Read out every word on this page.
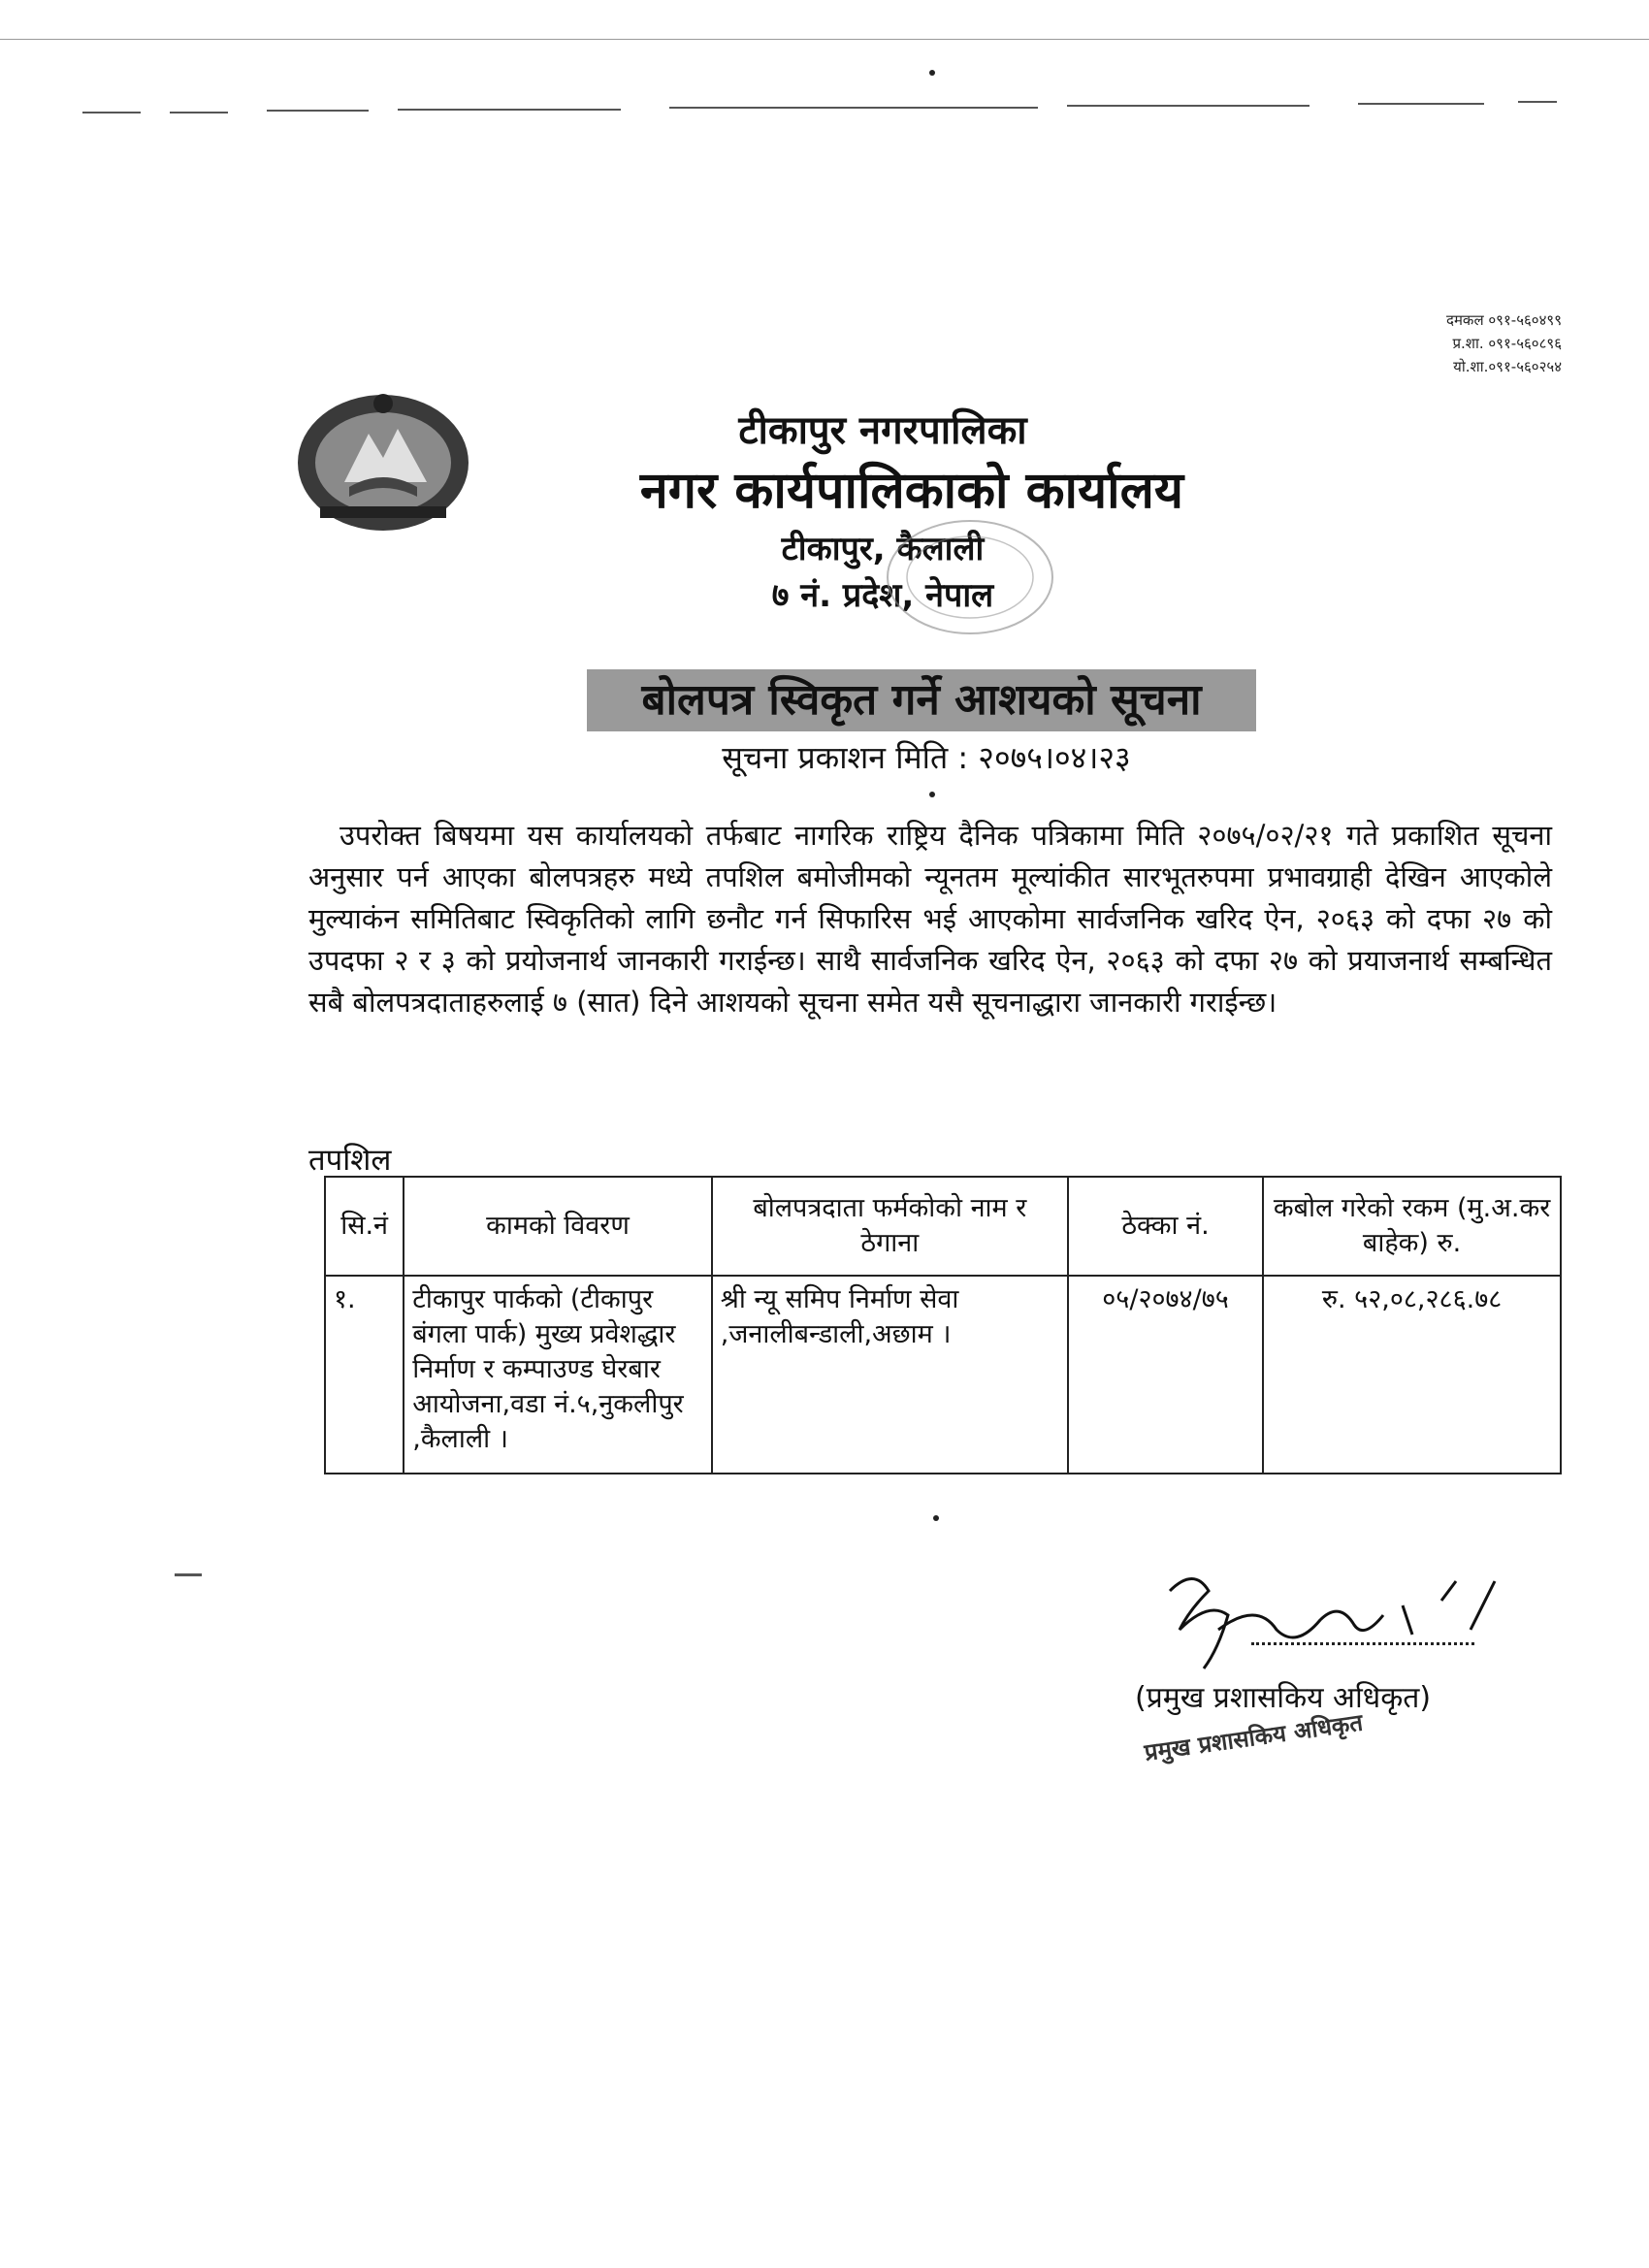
दमकल ०९१-५६०४९९
प्र.शा. ०९१-५६०८९६
यो.शा.०९१-५६०२५४
टीकापुर नगरपालिका
नगर कार्यपालिकाको कार्यालय
टीकापुर, कैलाली
७ नं. प्रदेश, नेपाल
बोलपत्र स्विकृत गर्ने आशयको सूचना
सूचना प्रकाशन मिति : २०७५।०४।२३
उपरोक्त बिषयमा यस कार्यालयको तर्फबाट नागरिक राष्ट्रिय दैनिक पत्रिकामा मिति २०७५/०२/२१ गते प्रकाशित सूचना अनुसार पर्न आएका बोलपत्रहरु मध्ये तपशिल बमोजीमको न्यूनतम मूल्यांकीत सारभूतरुपमा प्रभावग्राही देखिन आएकोले मुल्याकंन समितिबाट स्विकृतिको लागि छनौट गर्न सिफारिस भई आएकोमा सार्वजनिक खरिद ऐन, २०६३ को दफा २७ को उपदफा २ र ३ को प्रयोजनार्थ जानकारी गराईन्छ। साथै सार्वजनिक खरिद ऐन, २०६३ को दफा २७ को प्रयाजनार्थ सम्बन्धित सबै बोलपत्रदाताहरुलाई ७ (सात) दिने आशयको सूचना समेत यसै सूचनाद्धारा जानकारी गराईन्छ।
तपशिल
सि.नं	कामको विवरण	बोलपत्रदाता फर्मकोको नाम र ठेगाना	ठेक्का नं.	कबोल गरेको रकम (मु.अ.कर बाहेक) रु.
१.	टीकापुर पार्कको (टीकापुर बंगला पार्क) मुख्य प्रवेशद्धार निर्माण र कम्पाउण्ड घेरबार आयोजना,वडा नं.५,नुकलीपुर ,कैलाली ।	श्री न्यू समिप निर्माण सेवा ,जनालीबन्डाली,अछाम ।	०५/२०७४/७५	रु. ५२,०८,२८६.७८
(प्रमुख प्रशासकिय अधिकृत)
प्रमुख प्रशासकिय अधिकृत
